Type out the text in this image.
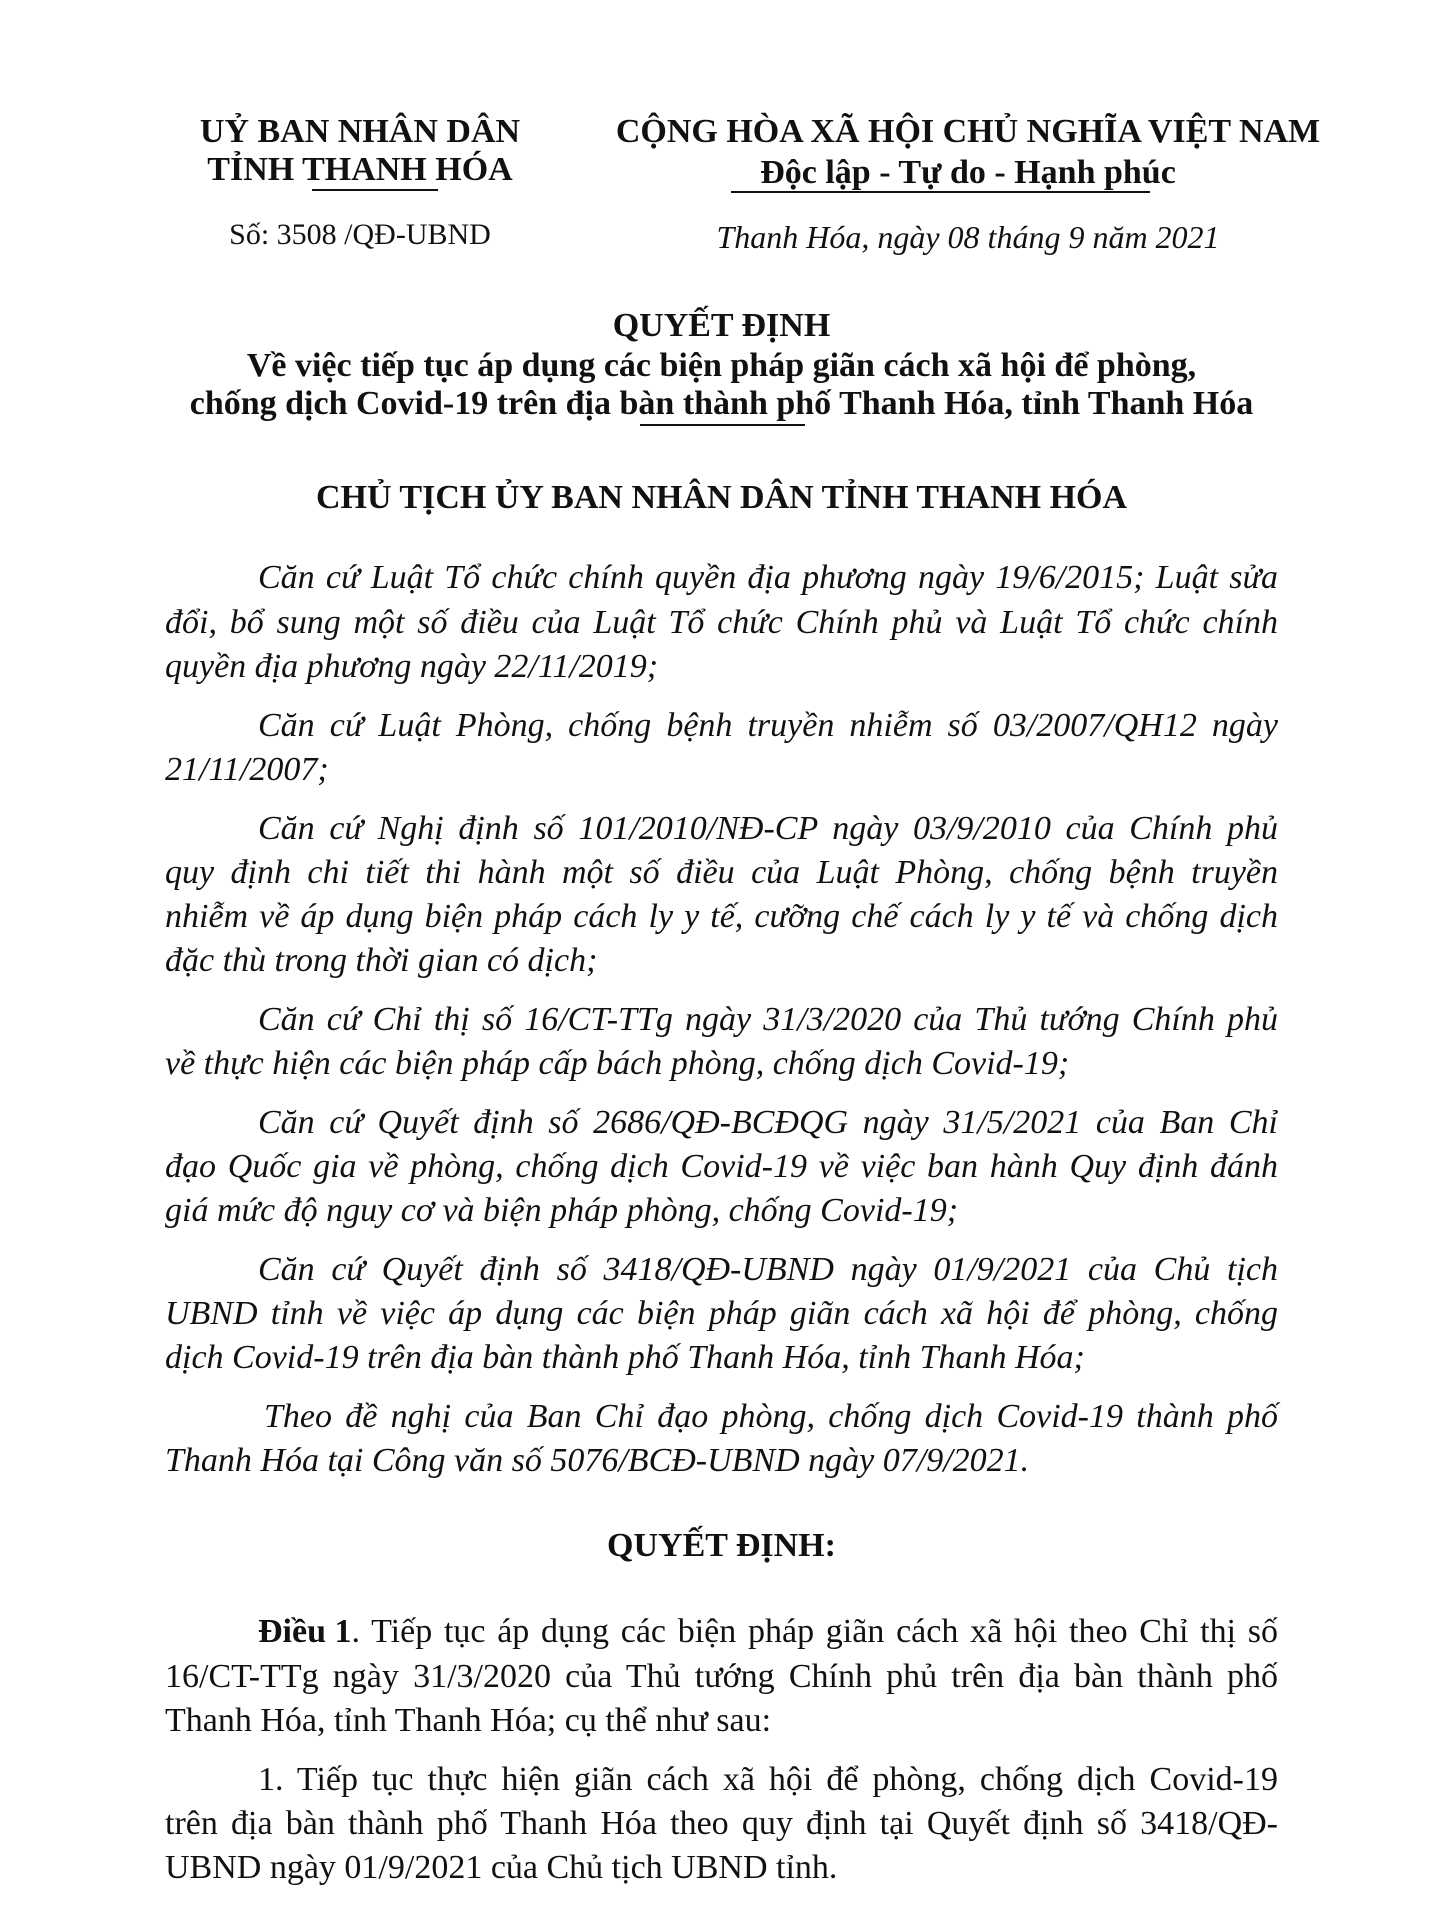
UỶ BAN NHÂN DÂN
TỈNH THANH HÓA
Số: 3508 /QĐ-UBND
CỘNG HÒA XÃ HỘI CHỦ NGHĨA VIỆT NAM
Độc lập - Tự do - Hạnh phúc
Thanh Hóa, ngày 08 tháng 9 năm 2021
QUYẾT ĐỊNH
Về việc tiếp tục áp dụng các biện pháp giãn cách xã hội để phòng,
chống dịch Covid-19 trên địa bàn thành phố Thanh Hóa, tỉnh Thanh Hóa
CHỦ TỊCH ỦY BAN NHÂN DÂN TỈNH THANH HÓA
Căn cứ Luật Tổ chức chính quyền địa phương ngày 19/6/2015; Luật sửa
đổi, bổ sung một số điều của Luật Tổ chức Chính phủ và Luật Tổ chức chính
quyền địa phương ngày 22/11/2019;
Căn cứ Luật Phòng, chống bệnh truyền nhiễm số 03/2007/QH12 ngày
21/11/2007;
Căn cứ Nghị định số 101/2010/NĐ-CP ngày 03/9/2010 của Chính phủ
quy định chi tiết thi hành một số điều của Luật Phòng, chống bệnh truyền
nhiễm về áp dụng biện pháp cách ly y tế, cưỡng chế cách ly y tế và chống dịch
đặc thù trong thời gian có dịch;
Căn cứ Chỉ thị số 16/CT-TTg ngày 31/3/2020 của Thủ tướng Chính phủ
về thực hiện các biện pháp cấp bách phòng, chống dịch Covid-19;
Căn cứ Quyết định số 2686/QĐ-BCĐQG ngày 31/5/2021 của Ban Chỉ
đạo Quốc gia về phòng, chống dịch Covid-19 về việc ban hành Quy định đánh
giá mức độ nguy cơ và biện pháp phòng, chống Covid-19;
Căn cứ Quyết định số 3418/QĐ-UBND ngày 01/9/2021 của Chủ tịch
UBND tỉnh về việc áp dụng các biện pháp giãn cách xã hội để phòng, chống
dịch Covid-19 trên địa bàn thành phố Thanh Hóa, tỉnh Thanh Hóa;
Theo đề nghị của Ban Chỉ đạo phòng, chống dịch Covid-19 thành phố
Thanh Hóa tại Công văn số 5076/BCĐ-UBND ngày 07/9/2021.
QUYẾT ĐỊNH:
Điều 1 . Tiếp tục áp dụng các biện pháp giãn cách xã hội theo Chỉ thị số
16/CT-TTg ngày 31/3/2020 của Thủ tướng Chính phủ trên địa bàn thành phố
Thanh Hóa, tỉnh Thanh Hóa; cụ thể như sau:
1. Tiếp tục thực hiện giãn cách xã hội để phòng, chống dịch Covid-19
trên địa bàn thành phố Thanh Hóa theo quy định tại Quyết định số 3418/QĐ-
UBND ngày 01/9/2021 của Chủ tịch UBND tỉnh.
